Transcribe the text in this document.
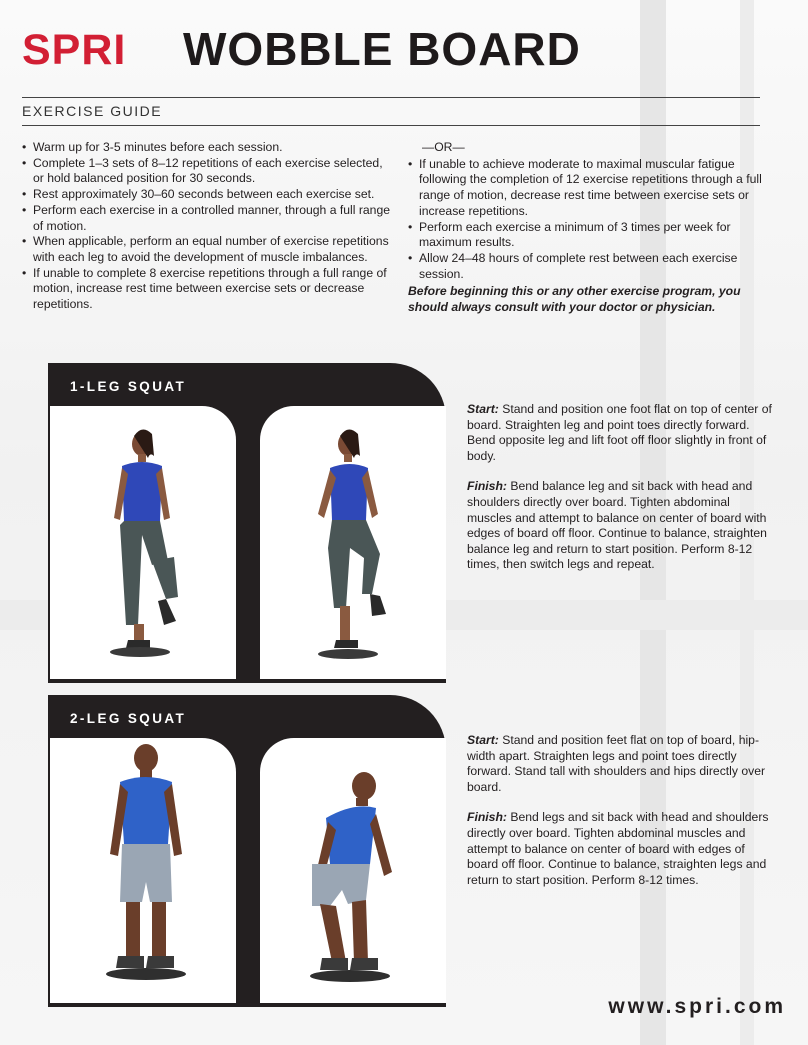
SPRI WOBBLE BOARD
EXERCISE GUIDE
• Warm up for 3-5 minutes before each session.
• Complete 1–3 sets of 8–12 repetitions of each exercise selected, or hold balanced position for 30 seconds.
• Rest approximately 30–60 seconds between each exercise set.
• Perform each exercise in a controlled manner, through a full range of motion.
• When applicable, perform an equal number of exercise repetitions with each leg to avoid the development of muscle imbalances.
• If unable to complete 8 exercise repetitions through a full range of motion, increase rest time between exercise sets or decrease repetitions.
—OR—
• If unable to achieve moderate to maximal muscular fatigue following the completion of 12 exercise repetitions through a full range of motion, decrease rest time between exercise sets or increase repetitions.
• Perform each exercise a minimum of 3 times per week for maximum results.
• Allow 24–48 hours of complete rest between each exercise session.
Before beginning this or any other exercise program, you should always consult with your doctor or physician.
1-LEG SQUAT

Start: Stand and position one foot flat on top of center of board. Straighten leg and point toes directly forward. Bend opposite leg and lift foot off floor slightly in front of body.

Finish: Bend balance leg and sit back with head and shoulders directly over board. Tighten abdominal muscles and attempt to balance on center of board with edges of board off floor. Continue to balance, straighten balance leg and return to start position. Perform 8-12 times, then switch legs and repeat.

2-LEG SQUAT

Start: Stand and position feet flat on top of board, hip-width apart. Straighten legs and point toes directly forward. Stand tall with shoulders and hips directly over board.

Finish: Bend legs and sit back with head and shoulders directly over board. Tighten abdominal muscles and attempt to balance on center of board with edges of board off floor. Continue to balance, straighten legs and return to start position. Perform 8-12 times.

www.spri.com
